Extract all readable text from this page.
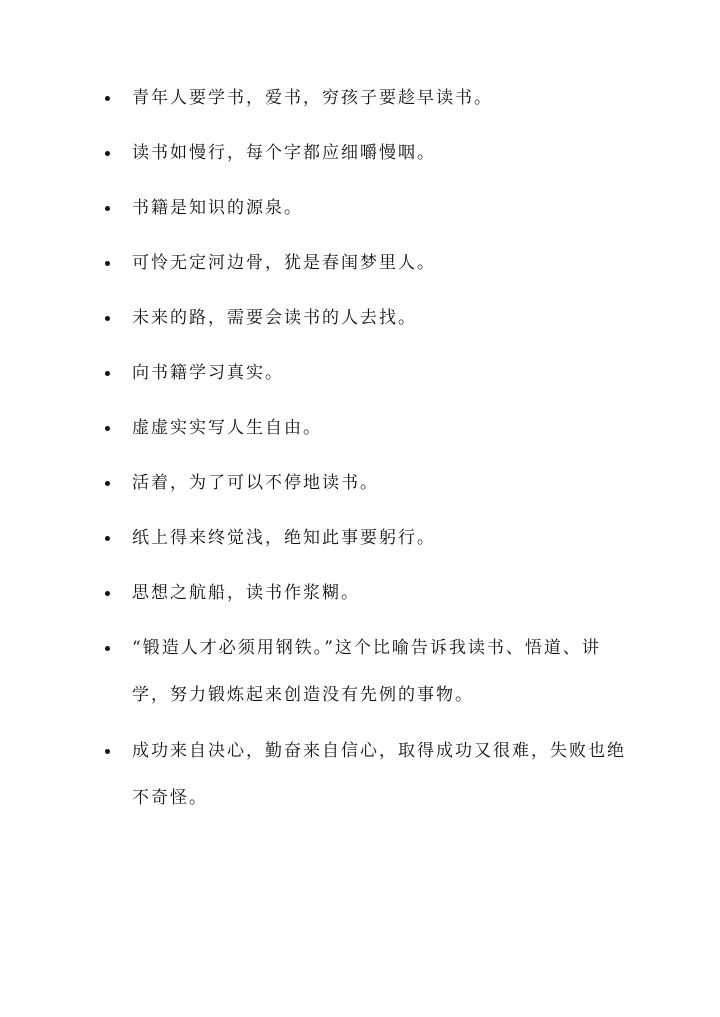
青年人要学书，爱书，穷孩子要趁早读书。
读书如慢行，每个字都应细嚼慢咽。
书籍是知识的源泉。
可怜无定河边骨，犹是春闺梦里人。
未来的路，需要会读书的人去找。
向书籍学习真实。
虚虚实实写人生自由。
活着，为了可以不停地读书。
纸上得来终觉浅，绝知此事要躬行。
思想之航船，读书作浆糊。
“锻造人才必须用钢铁。”这个比喻告诉我读书、悟道、讲学，努力锻炼起来创造没有先例的事物。
成功来自决心，勤奋来自信心，取得成功又很难，失败也绝不奇怪。
